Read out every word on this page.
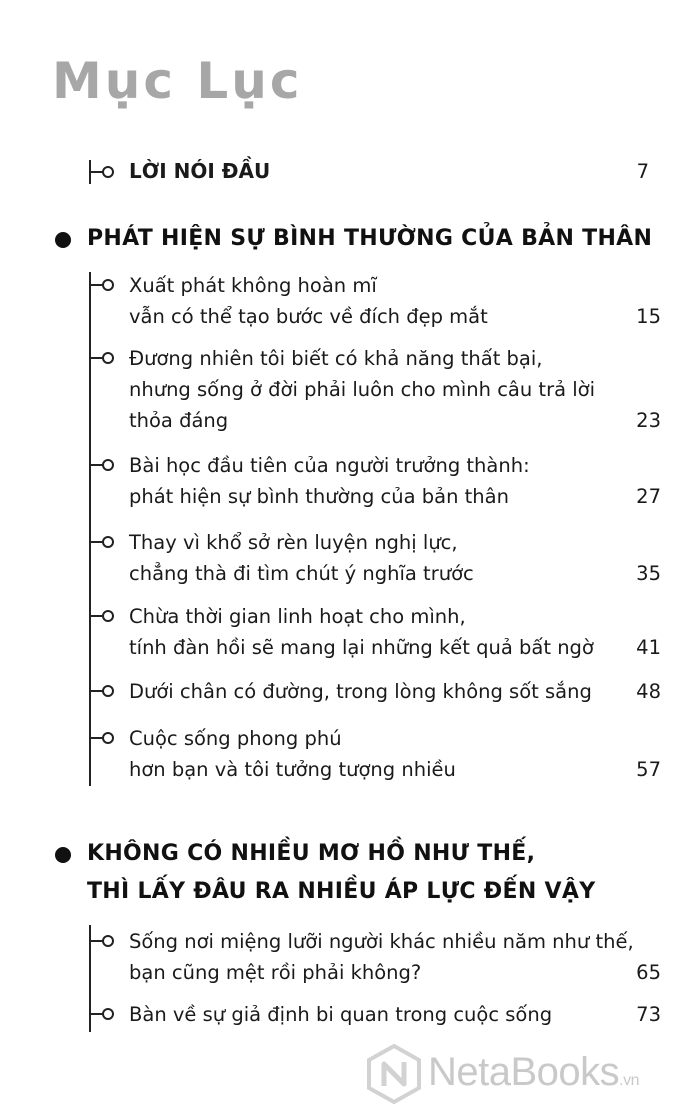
Mục Lục
LỜI NÓI ĐẦU	7
PHÁT HIỆN SỰ BÌNH THƯỜNG CỦA BẢN THÂN
Xuất phát không hoàn mĩ
vẫn có thể tạo bước về đích đẹp mắt	15
Đương nhiên tôi biết có khả năng thất bại,
nhưng sống ở đời phải luôn cho mình câu trả lời
thỏa đáng	23
Bài học đầu tiên của người trưởng thành:
phát hiện sự bình thường của bản thân	27
Thay vì khổ sở rèn luyện nghị lực,
chẳng thà đi tìm chút ý nghĩa trước	35
Chừa thời gian linh hoạt cho mình,
tính đàn hồi sẽ mang lại những kết quả bất ngờ	41
Dưới chân có đường, trong lòng không sốt sắng	48
Cuộc sống phong phú
hơn bạn và tôi tưởng tượng nhiều	57
KHÔNG CÓ NHIỀU MƠ HỒ NHƯ THẾ,
THÌ LẤY ĐÂU RA NHIỀU ÁP LỰC ĐẾN VẬY
Sống nơi miệng lưỡi người khác nhiều năm như thế,
bạn cũng mệt rồi phải không?	65
Bàn về sự giả định bi quan trong cuộc sống	73
NetaBooks.vn
